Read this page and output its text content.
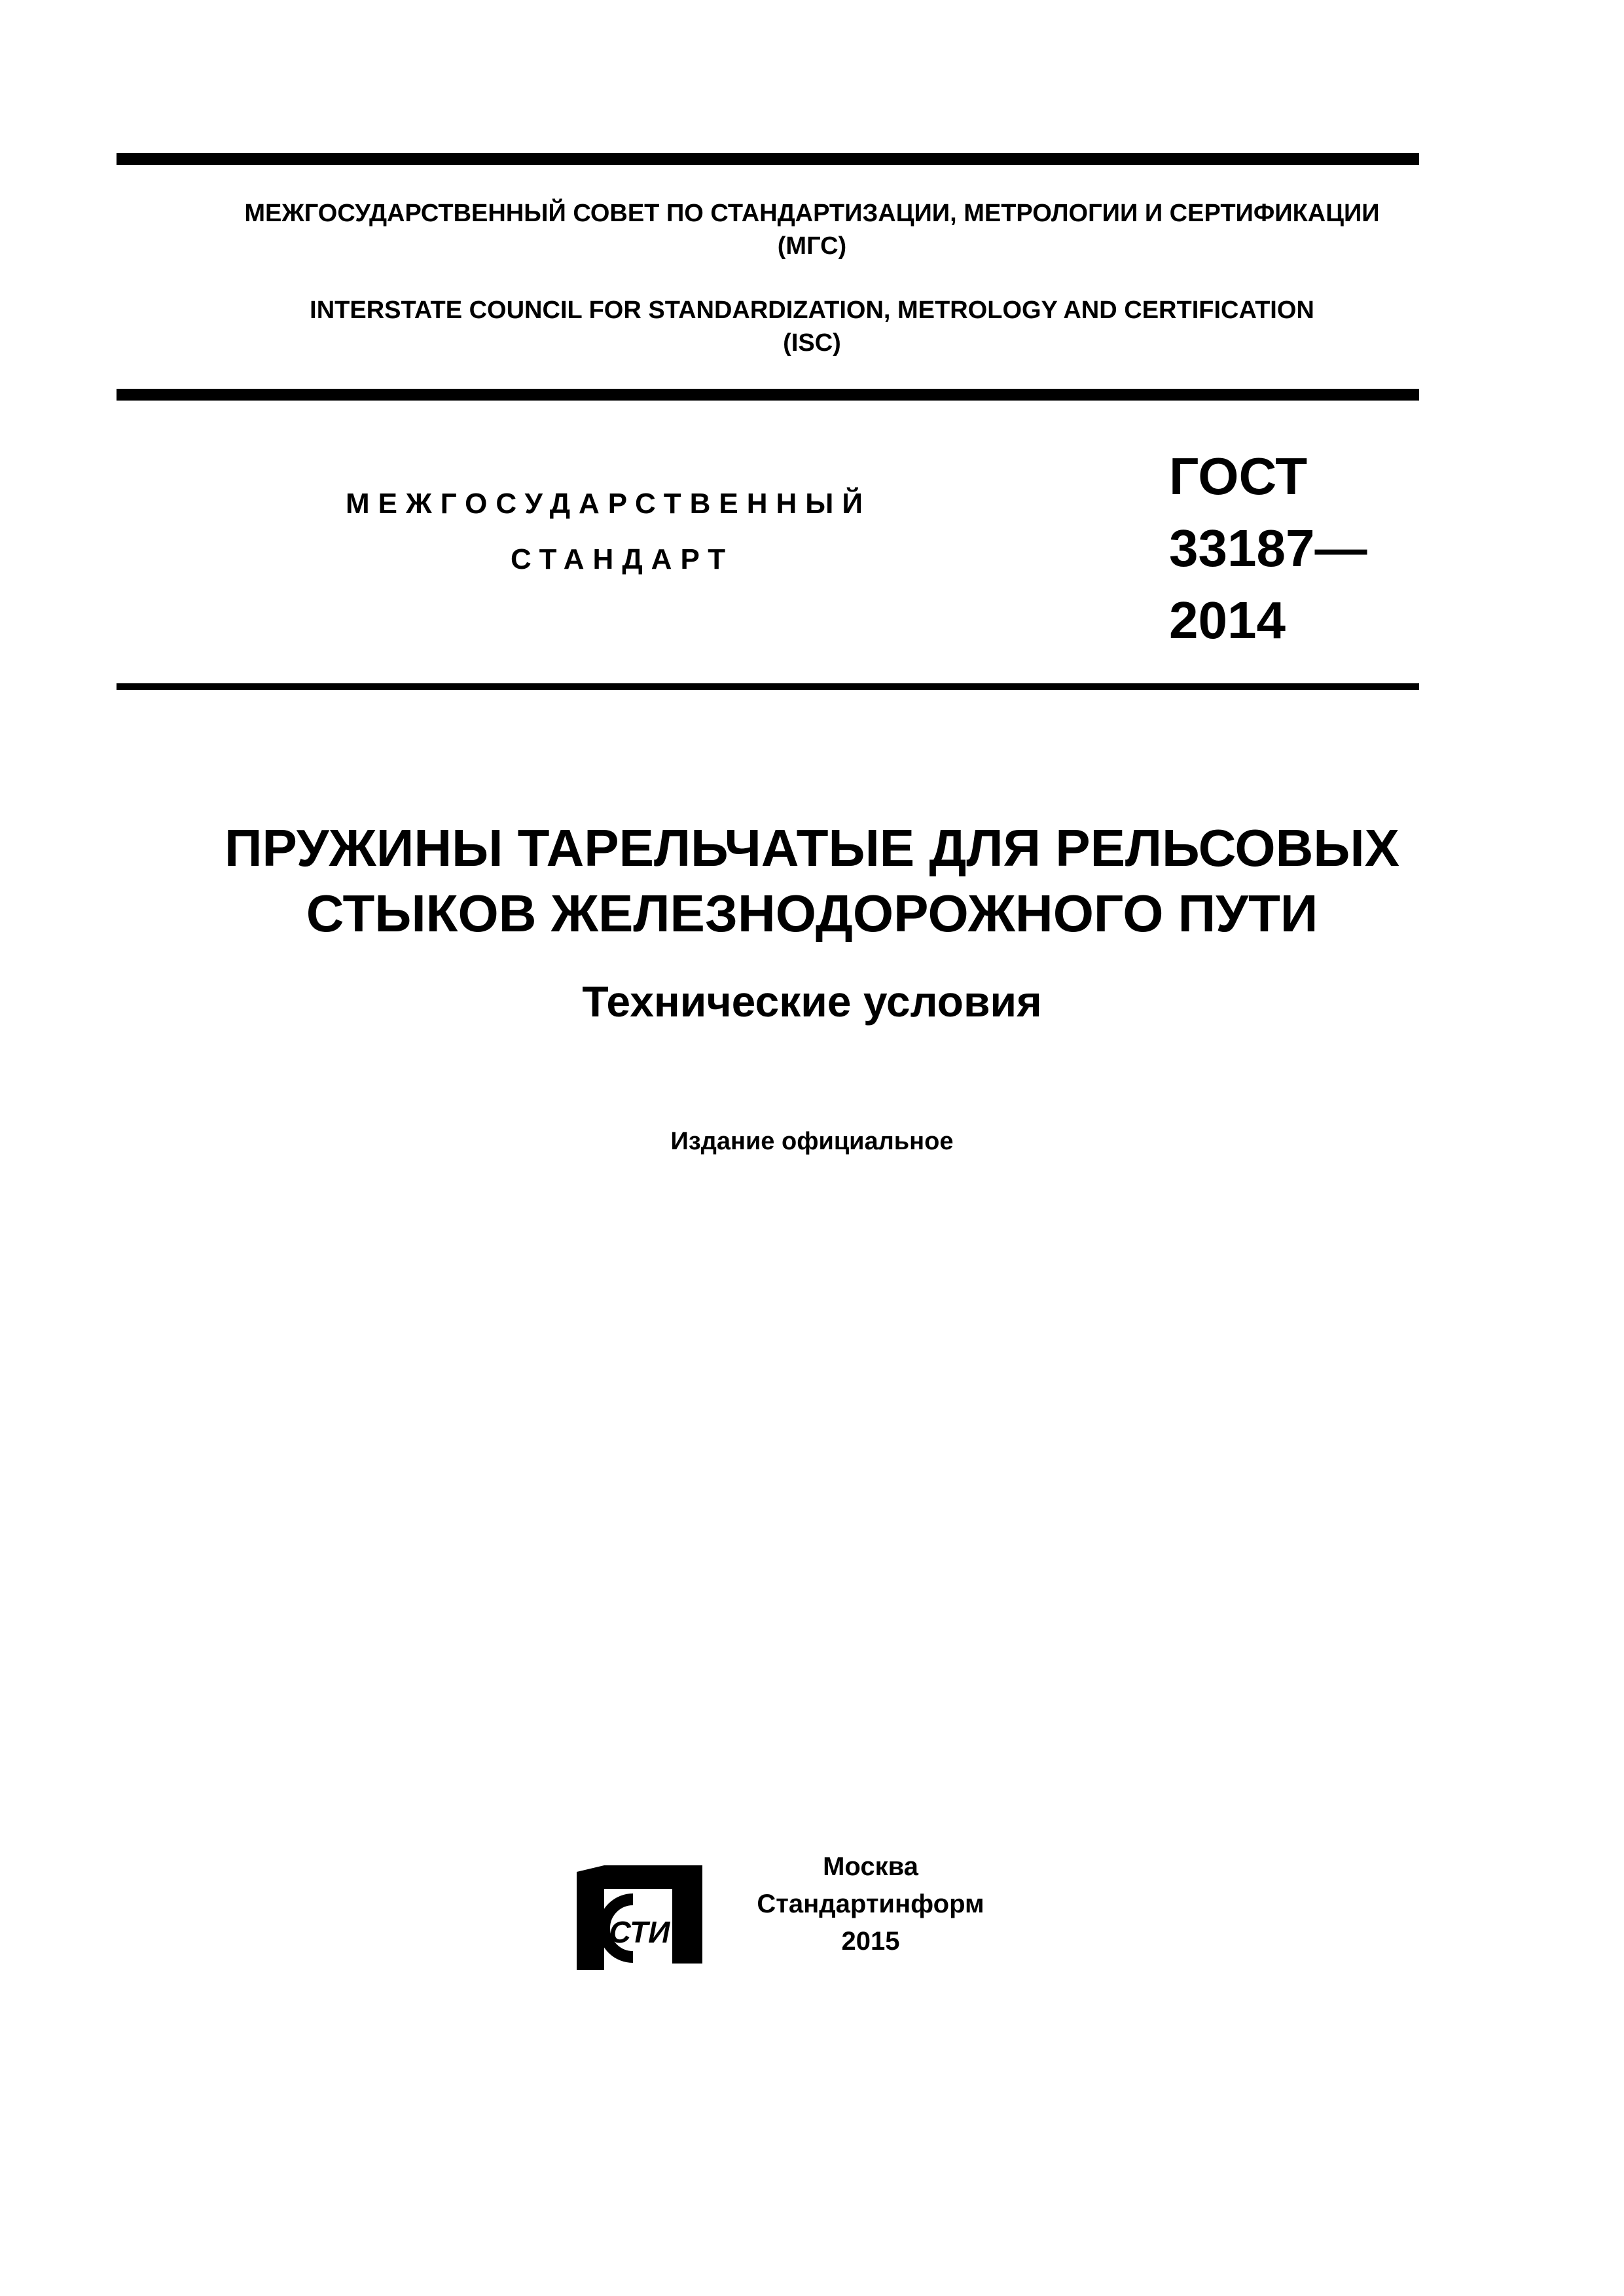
МЕЖГОСУДАРСТВЕННЫЙ СОВЕТ ПО СТАНДАРТИЗАЦИИ, МЕТРОЛОГИИ И СЕРТИФИКАЦИИ
(МГС)
INTERSTATE COUNCIL FOR STANDARDIZATION, METROLOGY AND CERTIFICATION
(ISC)
МЕЖГОСУДАРСТВЕННЫЙ
СТАНДАРТ
ГОСТ
33187—
2014
ПРУЖИНЫ ТАРЕЛЬЧАТЫЕ ДЛЯ РЕЛЬСОВЫХ
СТЫКОВ ЖЕЛЕЗНОДОРОЖНОГО ПУТИ
Технические условия
Издание официальное
СТИ
Москва
Стандартинформ
2015
